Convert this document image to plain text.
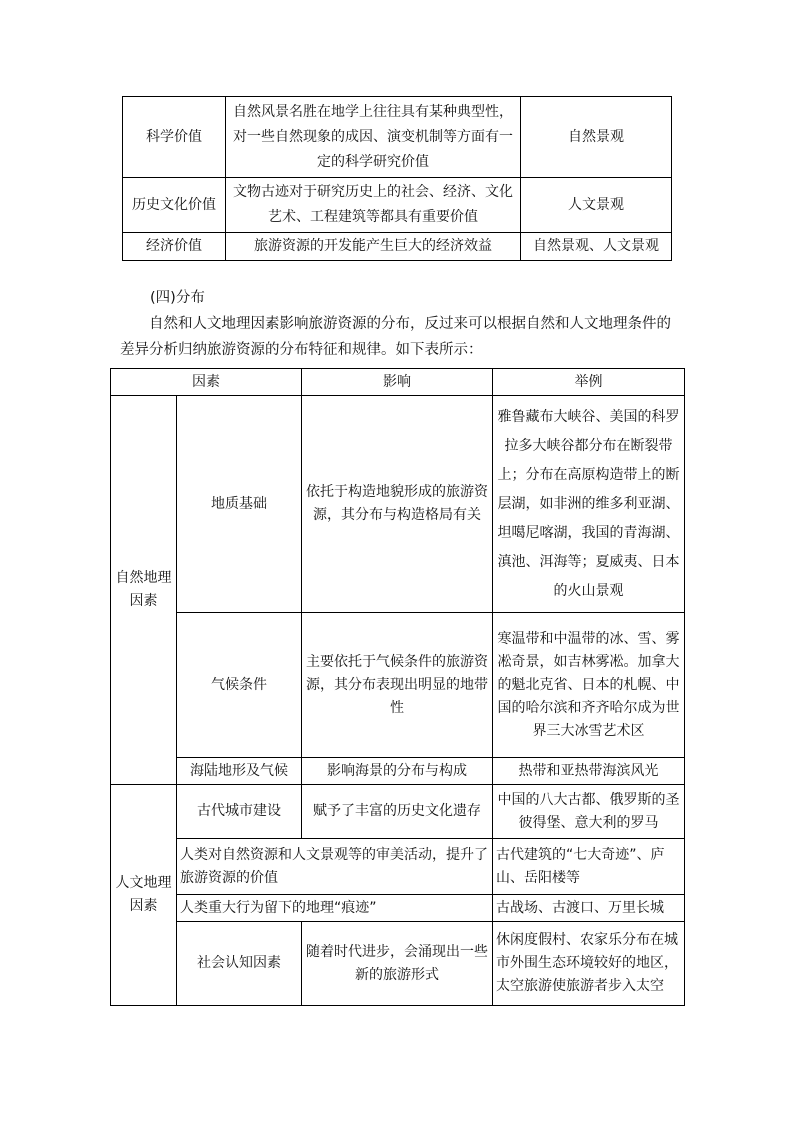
科学价值	自然风景名胜在地学上往往具有某种典型性，对一些自然现象的成因、演变机制等方面有一定的科学研究价值	自然景观
历史文化价值	文物古迹对于研究历史上的社会、经济、文化艺术、工程建筑等都具有重要价值	人文景观
经济价值	旅游资源的开发能产生巨大的经济效益	自然景观、人文景观
(四)分布
自然和人文地理因素影响旅游资源的分布，反过来可以根据自然和人文地理条件的差异分析归纳旅游资源的分布特征和规律。如下表所示：
因素		影响	举例
自然地理因素	地质基础	依托于构造地貌形成的旅游资源，其分布与构造格局有关	雅鲁藏布大峡谷、美国的科罗拉多大峡谷都分布在断裂带上；分布在高原构造带上的断层湖，如非洲的维多利亚湖、坦噶尼喀湖，我国的青海湖、滇池、洱海等；夏威夷、日本的火山景观
	气候条件	主要依托于气候条件的旅游资源，其分布表现出明显的地带性	寒温带和中温带的冰、雪、雾凇奇景，如吉林雾凇。加拿大的魁北克省、日本的札幌、中国的哈尔滨和齐齐哈尔成为世界三大冰雪艺术区
	海陆地形及气候	影响海景的分布与构成	热带和亚热带海滨风光
人文地理因素	古代城市建设	赋予了丰富的历史文化遗存	中国的八大古都、俄罗斯的圣彼得堡、意大利的罗马
	人类对自然资源和人文景观等的审美活动，提升了旅游资源的价值		古代建筑的“七大奇迹”、庐山、岳阳楼等
	人类重大行为留下的地理“痕迹”		古战场、古渡口、万里长城
	社会认知因素	随着时代进步，会涌现出一些新的旅游形式	休闲度假村、农家乐分布在城市外围生态环境较好的地区，太空旅游使旅游者步入太空
